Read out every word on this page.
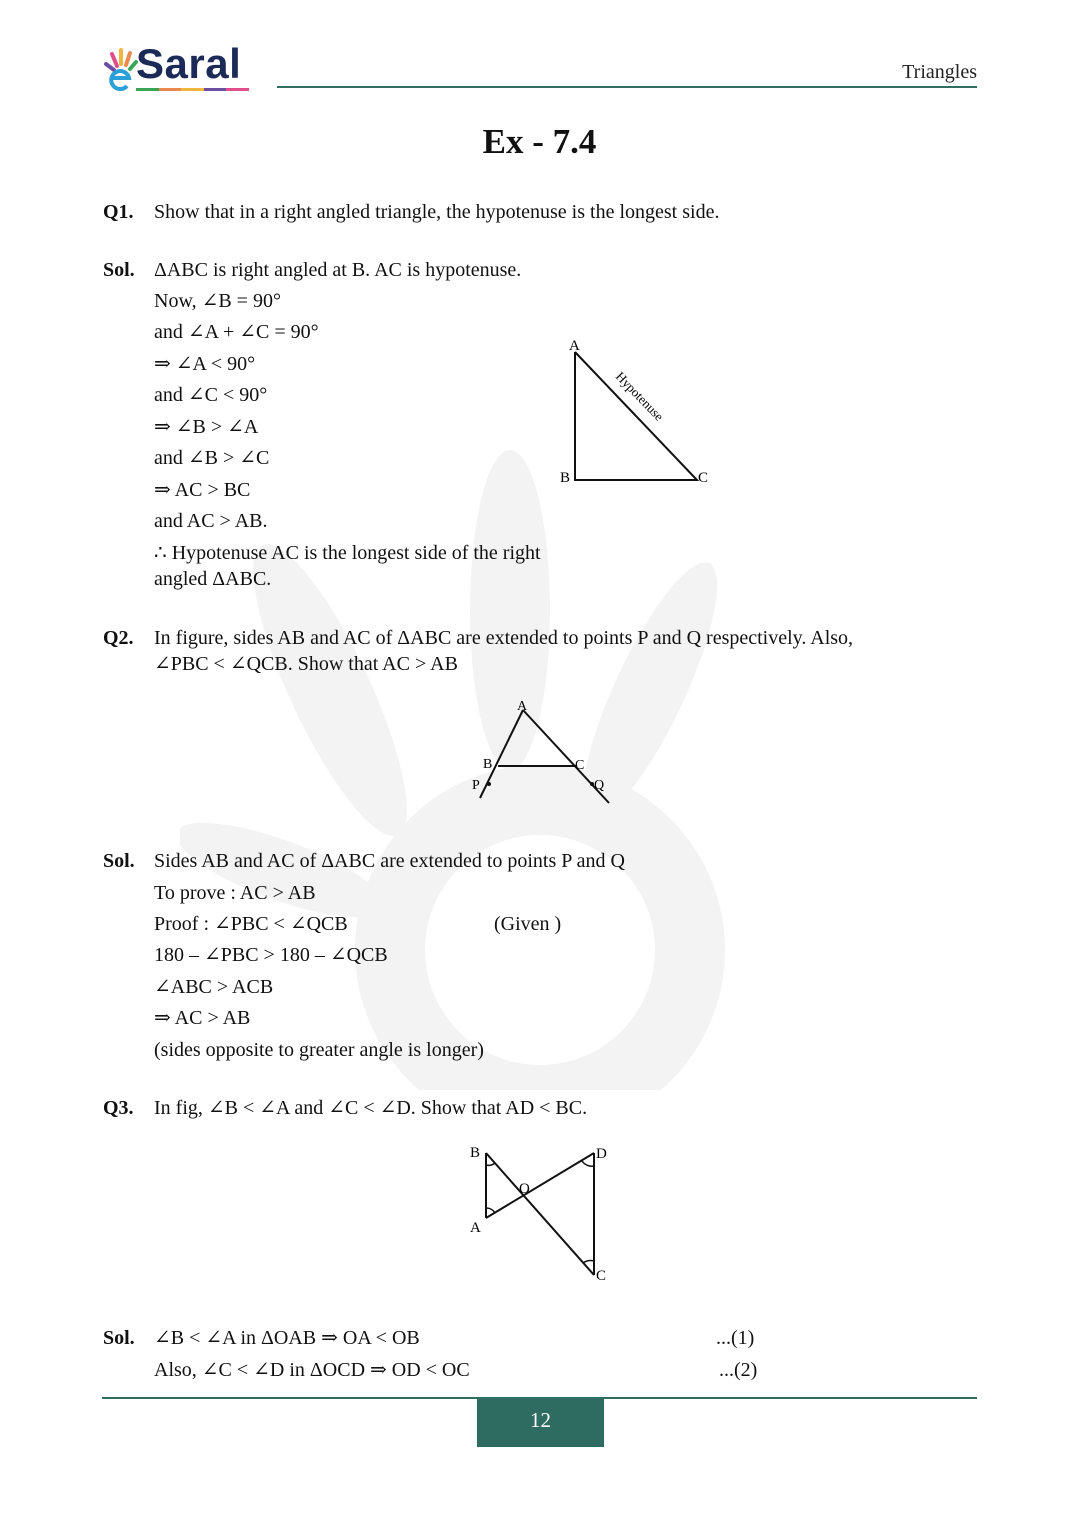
Saral	Triangles
Ex - 7.4
Q1. Show that in a right angled triangle, the hypotenuse is the longest side.
Sol. ΔABC is right angled at B. AC is hypotenuse.
Now, ∠B = 90°
and ∠A + ∠C = 90°
⇒ ∠A < 90°
and ∠C < 90°
⇒ ∠B > ∠A
and ∠B > ∠C
⇒ AC > BC
and AC > AB.
∴ Hypotenuse AC is the longest side of the right
angled ΔABC.
A
B	C
Hypotenuse
Q2. In figure, sides AB and AC of ΔABC are extended to points P and Q respectively. Also,
∠PBC < ∠QCB. Show that AC > AB
A
B	C
P	Q
Sol. Sides AB and AC of ΔABC are extended to points P and Q
To prove : AC > AB
Proof : ∠PBC < ∠QCB	(Given )
180 – ∠PBC > 180 – ∠QCB
∠ABC > ACB
⇒ AC > AB
(sides opposite to greater angle is longer)
Q3. In fig, ∠B < ∠A and ∠C < ∠D. Show that AD < BC.
B	D
O
A
C
Sol. ∠B < ∠A in ΔOAB ⇒ OA < OB	...(1)
Also, ∠C < ∠D in ΔOCD ⇒ OD < OC	...(2)
12
